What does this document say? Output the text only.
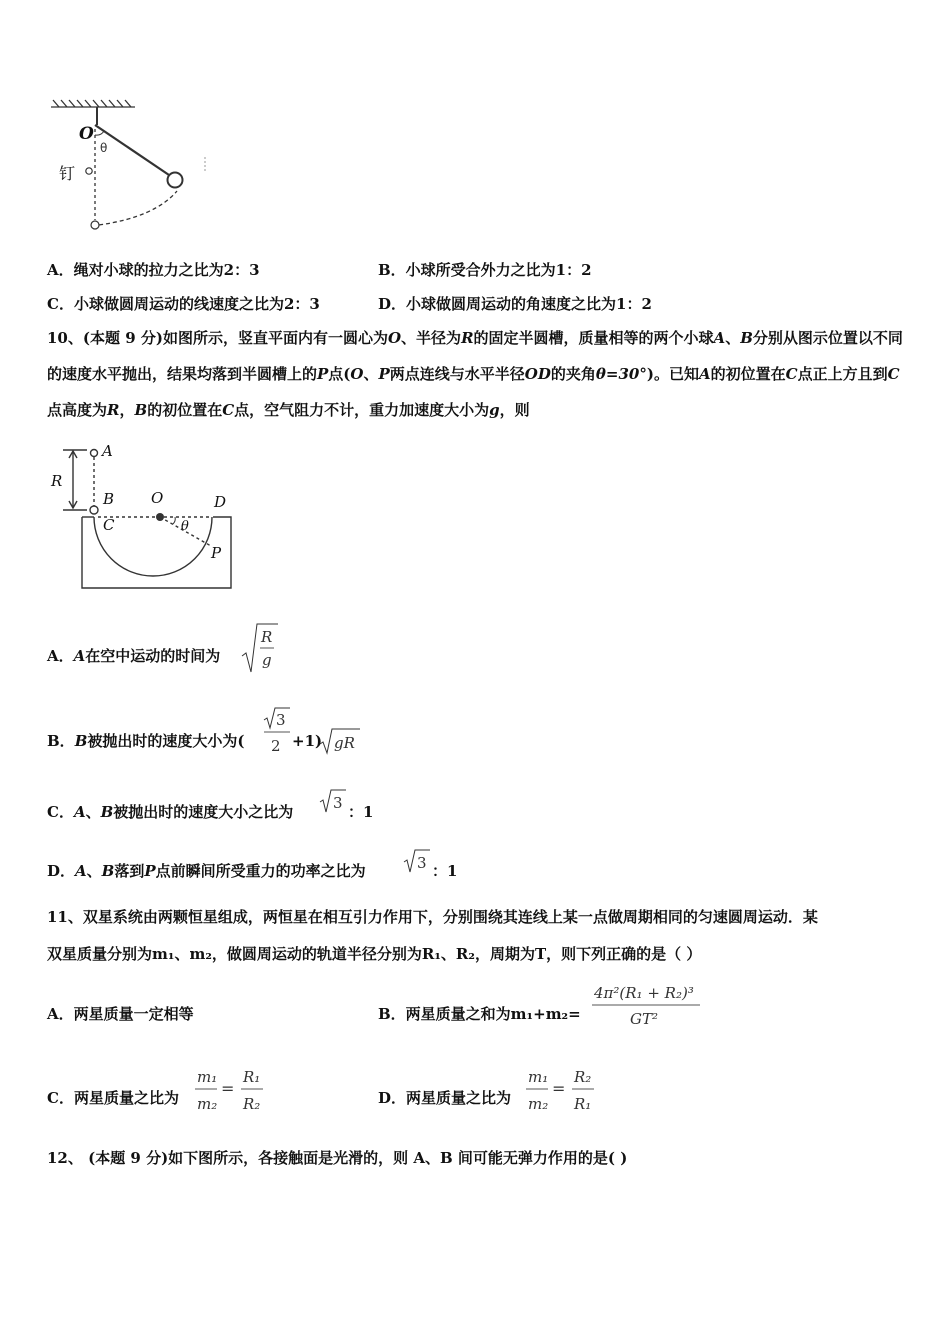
O
θ
钉
A．绳对小球的拉力之比为2：3	B．小球所受合外力之比为1：2
C．小球做圆周运动的线速度之比为2：3	D．小球做圆周运动的角速度之比为1：2
10、(本题 9 分)如图所示，竖直平面内有一圆心为O、半径为R的固定半圆槽，质量相等的两个小球A、B分别从图示位置以不同的速度水平抛出，结果均落到半圆槽上的P点(O、P两点连线与水平半径OD的夹角θ=30°)。已知A的初位置在C点正上方且到C点高度为R，B的初位置在C点，空气阻力不计，重力加速度大小为g，则
A
R
B O	D
C	θ
P
A．A在空中运动的时间为
R
g
B．B被抛出时的速度大小为(
3
2 +1) gR
C．A、B被抛出时的速度大小之比为	3 ：1
D．A、B落到P点前瞬间所受重力的功率之比为	3 ：1
11、双星系统由两颗恒星组成，两恒星在相互引力作用下，分别围绕其连线上某一点做周期相同的匀速圆周运动．某
双星质量分别为m₁、m₂，做圆周运动的轨道半径分别为R₁、R₂，周期为T，则下列正确的是（ ）
A．两星质量一定相等	B．两星质量之和为m₁+m₂=
4π²(R₁ + R₂)³
GT²
C．两星质量之比为
m₁
m₂
=
R₁
R₂	D．两星质量之比为
m₁
m₂
=
R₂
R₁
12、 (本题 9 分)如下图所示，各接触面是光滑的，则 A、B 间可能无弹力作用的是( )
